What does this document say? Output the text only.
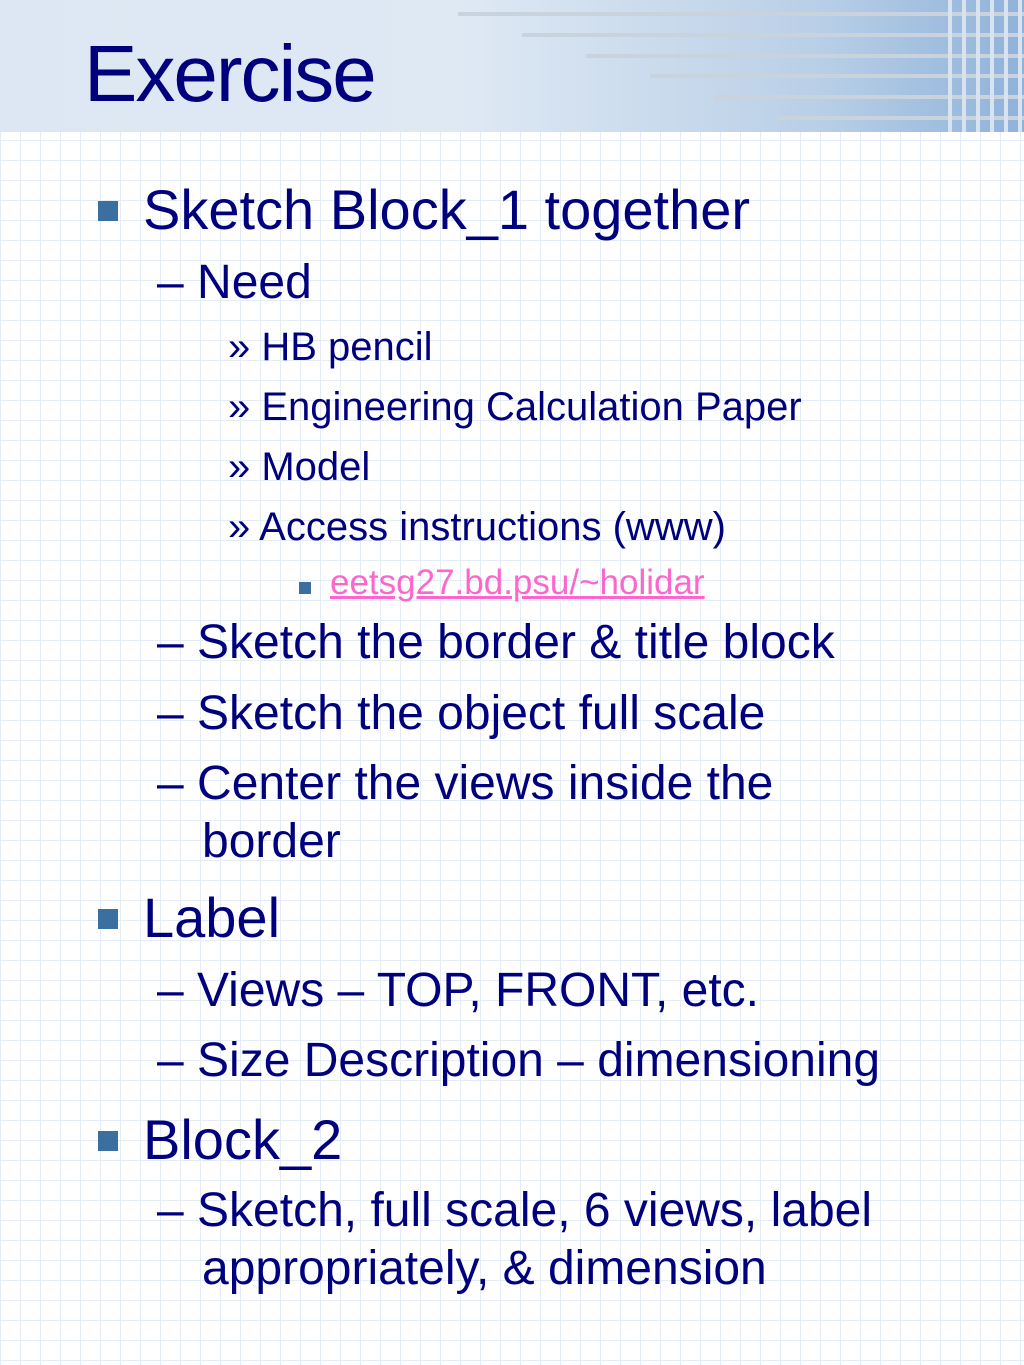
Exercise
Sketch Block_1 together
– Need
» HB pencil
» Engineering Calculation Paper
» Model
» Access instructions (www)
eetsg27.bd.psu/~holidar
– Sketch the border & title block
– Sketch the object full scale
– Center the views inside the
border
Label
– Views – TOP, FRONT, etc.
– Size Description – dimensioning
Block_2
– Sketch, full scale, 6 views, label
appropriately, & dimension
